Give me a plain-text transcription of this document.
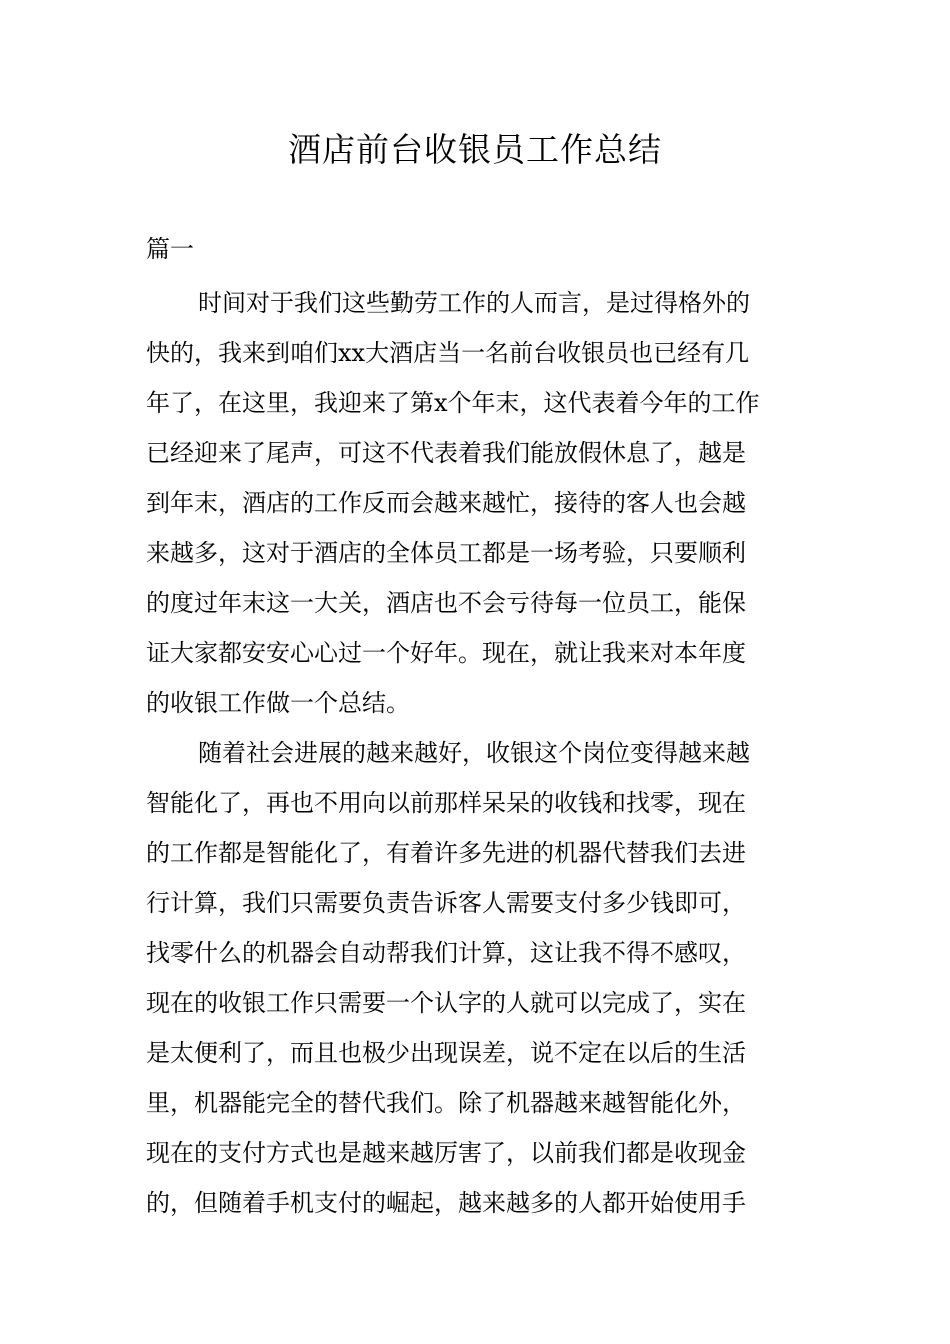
酒店前台收银员工作总结
篇一
时间对于我们这些勤劳工作的人而言，是过得格外的
快的，我来到咱们xx大酒店当一名前台收银员也已经有几
年了，在这里，我迎来了第x个年末，这代表着今年的工作
已经迎来了尾声，可这不代表着我们能放假休息了，越是
到年末，酒店的工作反而会越来越忙，接待的客人也会越
来越多，这对于酒店的全体员工都是一场考验，只要顺利
的度过年末这一大关，酒店也不会亏待每一位员工，能保
证大家都安安心心过一个好年。现在，就让我来对本年度
的收银工作做一个总结。
随着社会进展的越来越好，收银这个岗位变得越来越
智能化了，再也不用向以前那样呆呆的收钱和找零，现在
的工作都是智能化了，有着许多先进的机器代替我们去进
行计算，我们只需要负责告诉客人需要支付多少钱即可，
找零什么的机器会自动帮我们计算，这让我不得不感叹，
现在的收银工作只需要一个认字的人就可以完成了，实在
是太便利了，而且也极少出现误差，说不定在以后的生活
里，机器能完全的替代我们。除了机器越来越智能化外，
现在的支付方式也是越来越厉害了，以前我们都是收现金
的，但随着手机支付的崛起，越来越多的人都开始使用手
